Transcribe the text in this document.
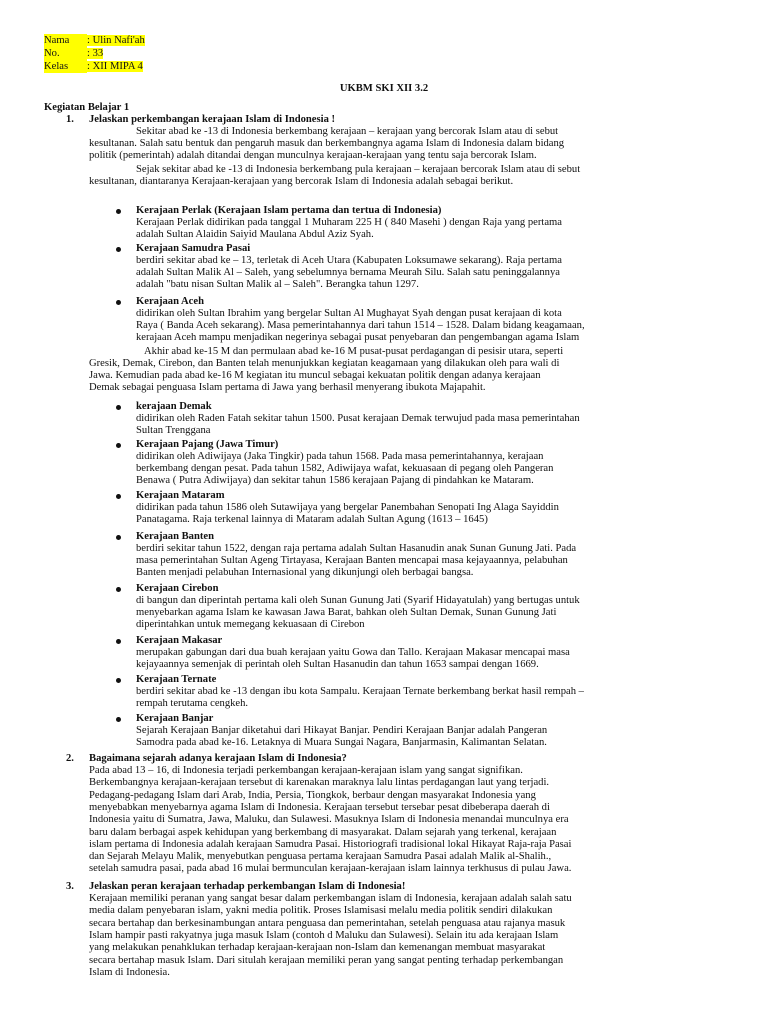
Nama : Ulin Nafi'ah
No.	: 33
Kelas : XII MIPA 4
UKBM SKI XII 3.2
Kegiatan Belajar 1
1. Jelaskan perkembangan kerajaan Islam di Indonesia !
Sekitar abad ke -13 di Indonesia berkembang kerajaan – kerajaan yang bercorak Islam atau di sebut
kesultanan. Salah satu bentuk dan pengaruh masuk dan berkembangnya agama Islam di Indonesia dalam bidang
politik (pemerintah) adalah ditandai dengan munculnya kerajaan-kerajaan yang tentu saja bercorak Islam.
Sejak sekitar abad ke -13 di Indonesia berkembang pula kerajaan – kerajaan bercorak Islam atau di sebut
kesultanan, diantaranya Kerajaan-kerajaan yang bercorak Islam di Indonesia adalah sebagai berikut.
Kerajaan Perlak (Kerajaan Islam pertama dan tertua di Indonesia)
Kerajaan Perlak didirikan pada tanggal 1 Muharam 225 H ( 840 Masehi ) dengan Raja yang pertama
adalah Sultan Alaidin Saiyid Maulana Abdul Aziz Syah.
Kerajaan Samudra Pasai
berdiri sekitar abad ke – 13, terletak di Aceh Utara (Kabupaten Loksumawe sekarang). Raja pertama
adalah Sultan Malik Al – Saleh, yang sebelumnya bernama Meurah Silu. Salah satu peninggalannya
adalah "batu nisan Sultan Malik al – Saleh". Berangka tahun 1297.
Kerajaan Aceh
didirikan oleh Sultan Ibrahim yang bergelar Sultan Al Mughayat Syah dengan pusat kerajaan di kota
Raya ( Banda Aceh sekarang). Masa pemerintahannya dari tahun 1514 – 1528. Dalam bidang keagamaan,
kerajaan Aceh mampu menjadikan negerinya sebagai pusat penyebaran dan pengembangan agama Islam
kerajaan Demak
didirikan oleh Raden Fatah sekitar tahun 1500. Pusat kerajaan Demak terwujud pada masa pemerintahan
Sultan Trenggana
Kerajaan Pajang (Jawa Timur)
didirikan oleh Adiwijaya (Jaka Tingkir) pada tahun 1568. Pada masa pemerintahannya, kerajaan
berkembang dengan pesat. Pada tahun 1582, Adiwijaya wafat, kekuasaan di pegang oleh Pangeran
Benawa ( Putra Adiwijaya) dan sekitar tahun 1586 kerajaan Pajang di pindahkan ke Mataram.
Kerajaan Mataram
didirikan pada tahun 1586 oleh Sutawijaya yang bergelar Panembahan Senopati Ing Alaga Sayiddin
Panatagama. Raja terkenal lainnya di Mataram adalah Sultan Agung (1613 – 1645)
Kerajaan Banten
berdiri sekitar tahun 1522, dengan raja pertama adalah Sultan Hasanudin anak Sunan Gunung Jati. Pada
masa pemerintahan Sultan Ageng Tirtayasa, Kerajaan Banten mencapai masa kejayaannya, pelabuhan
Banten menjadi pelabuhan Internasional yang dikunjungi oleh berbagai bangsa.
Kerajaan Cirebon
di bangun dan diperintah pertama kali oleh Sunan Gunung Jati (Syarif Hidayatulah) yang bertugas untuk
menyebarkan agama Islam ke kawasan Jawa Barat, bahkan oleh Sultan Demak, Sunan Gunung Jati
diperintahkan untuk memegang kekuasaan di Cirebon
Kerajaan Makasar
merupakan gabungan dari dua buah kerajaan yaitu Gowa dan Tallo. Kerajaan Makasar mencapai masa
kejayaannya semenjak di perintah oleh Sultan Hasanudin dan tahun 1653 sampai dengan 1669.
Kerajaan Ternate
berdiri sekitar abad ke -13 dengan ibu kota Sampalu. Kerajaan Ternate berkembang berkat hasil rempah –
rempah terutama cengkeh.
Kerajaan Banjar
Sejarah Kerajaan Banjar diketahui dari Hikayat Banjar. Pendiri Kerajaan Banjar adalah Pangeran
Samodra pada abad ke-16. Letaknya di Muara Sungai Nagara, Banjarmasin, Kalimantan Selatan.
Akhir abad ke-15 M dan permulaan abad ke-16 M pusat-pusat perdagangan di pesisir utara, seperti
Gresik, Demak, Cirebon, dan Banten telah menunjukkan kegiatan keagamaan yang dilakukan oleh para wali di
Jawa. Kemudian pada abad ke-16 M kegiatan itu muncul sebagai kekuatan politik dengan adanya kerajaan
Demak sebagai penguasa Islam pertama di Jawa yang berhasil menyerang ibukota Majapahit.
2. Bagaimana sejarah adanya kerajaan Islam di Indonesia?
Pada abad 13 – 16, di Indonesia terjadi perkembangan kerajaan-kerajaan islam yang sangat signifikan.
Berkembangnya kerajaan-kerajaan tersebut di karenakan maraknya lalu lintas perdagangan laut yang terjadi.
Pedagang-pedagang Islam dari Arab, India, Persia, Tiongkok, berbaur dengan masyarakat Indonesia yang
menyebabkan menyebarnya agama Islam di Indonesia. Kerajaan tersebut tersebar pesat dibeberapa daerah di
Indonesia yaitu di Sumatra, Jawa, Maluku, dan Sulawesi. Masuknya Islam di Indonesia menandai munculnya era
baru dalam berbagai aspek kehidupan yang berkembang di masyarakat. Dalam sejarah yang terkenal, kerajaan
islam pertama di Indonesia adalah kerajaan Samudra Pasai. Historiografi tradisional lokal Hikayat Raja-raja Pasai
dan Sejarah Melayu Malik, menyebutkan penguasa pertama kerajaan Samudra Pasai adalah Malik al-Shalih.,
setelah samudra pasai, pada abad 16 mulai bermunculan kerajaan-kerajaan islam lainnya terkhusus di pulau Jawa.
3. Jelaskan peran kerajaan terhadap perkembangan Islam di Indonesia!
Kerajaan memiliki peranan yang sangat besar dalam perkembangan islam di Indonesia, kerajaan adalah salah satu
media dalam penyebaran islam, yakni media politik. Proses Islamisasi melalu media politik sendiri dilakukan
secara bertahap dan berkesinambungan antara penguasa dan pemerintahan, setelah penguasa atau rajanya masuk
Islam hampir pasti rakyatnya juga masuk Islam (contoh d Maluku dan Sulawesi). Selain itu ada kerajaan Islam
yang melakukan penahklukan terhadap kerajaan-kerajaan non-Islam dan kemenangan membuat masyarakat
secara bertahap masuk Islam. Dari situlah kerajaan memiliki peran yang sangat penting terhadap perkembangan
Islam di Indonesia.
